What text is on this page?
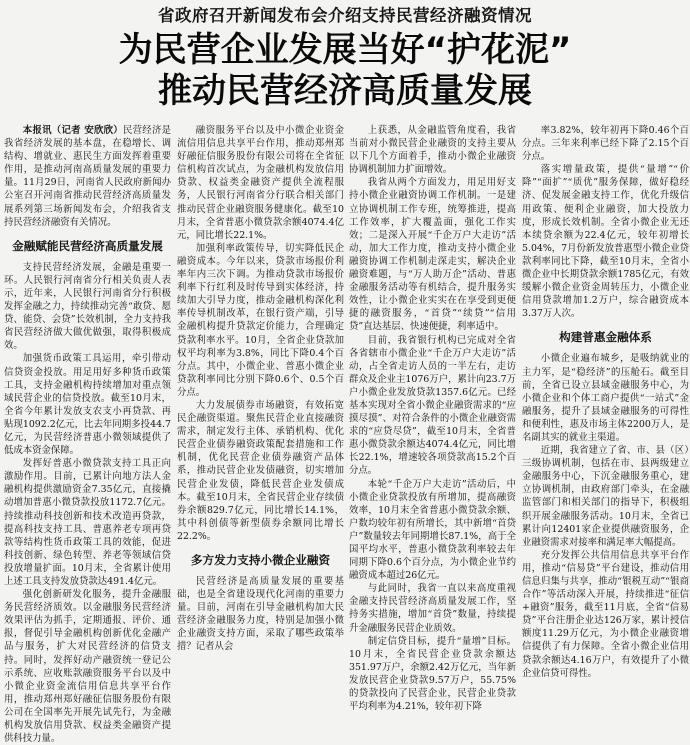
省政府召开新闻发布会介绍支持民营经济融资情况
为民营企业发展当好“护花泥”
推动民营经济高质量发展

本报讯（记者 安欣欣）民营经济是我省经济发展的基本盘，在稳增长、调结构、增就业、惠民生方面发挥着重要作用，是推动河南高质量发展的重要力量。11月29日，河南省人民政府新闻办公室召开河南省推动民营经济高质量发展系列第三场新闻发布会，介绍我省支持民营经济融资有关情况。

金融赋能民营经济高质量发展

支持民营经济发展，金融是重要一环。人民银行河南省分行相关负责人表示，近年来，人民银行河南省分行积极发挥金融之力，持续推动完善“敢贷、愿贷、能贷、会贷”长效机制，全力支持我省民营经济做大做优做强，取得积极成效。

加强货币政策工具运用，牵引带动信贷资金投放。用足用好多种货币政策工具，支持金融机构持续增加对重点领域民营企业的信贷投放。截至10月末，全省今年累计发放支农支小再贷款、再贴现1092.2亿元，比去年同期多投44.7亿元，为民营经济普惠小微领域提供了低成本资金保障。

发挥好普惠小微贷款支持工具正向激励作用。目前，已累计向地方法人金融机构提供激励资金7.35亿元，直接撬动增加普惠小微贷款投放1172.7亿元。持续推动科技创新和技术改造再贷款，提高科技支持工具、普惠养老专项再贷款等结构性货币政策工具的效能，促进科技创新、绿色转型、养老等领域信贷投放增量扩面。10月末，全省累计使用上述工具支持发放贷款达491.4亿元。

强化创新研发化服务，提升金融服务民营经济质效。以金融服务民营经济效果评估为抓手，定期通报、评价、通报，督促引导金融机构创新优化金融产品与服务，扩大对民营经济的信贷支持。同时，发挥好动产融资统一登记公示系统、应收账款融资服务平台以及中小微企业资金流信用信息共享平台作用，推动郑州郑好融征信服务股份有限公司在全国率先开展先试先行，为金融机构发放信用贷款、权益类金融资产提供科技力量。

融资服务平台以及中小微企业资金流信用信息共享平台作用，推动郑州郑好融征信服务股份有限公司将在全省征信机构首次试点，为金融机构发放信用贷款、权益类金融资产提供全流程服务，人民银行河南省分行联合相关部门推动民营企业融资服务健康化。截至10月末，全省普惠小微贷款余额4074.4亿元，同比增长22.1%。

加强利率政策传导，切实降低民企融资成本。今年以来，贷款市场报价利率年内三次下调。为推动贷款市场报价利率下行红利及时传导到实体经济，持续加大引导力度，推动金融机构深化利率传导机制改革，在银行资产端，引导金融机构提升贷款定价能力，合理确定贷款利率水平。10月，全省企业贷款加权平均利率为3.8%，同比下降0.4个百分点。其中，小微企业、普惠小微企业贷款利率同比分别下降0.6个、0.5个百分点。

大力发展债券市场融资，有效拓宽民企融资渠道。聚焦民营企业直接融资需求，制定发行主体、承销机构、优化民营企业债券融资政策配套措施和工作机制，优化民营企业债券融资产品体系，推动民营企业发债融资，切实增加民营企业发债，降低民营企业发债成本。截至10月末，全省民营企业存续债券余额829.7亿元，同比增长14.1%，其中科创债等新型债券余额同比增长22.2%。

多方发力支持小微企业融资

民营经济是高质量发展的重要基础，也是全省建设现代化河南的重要力量。目前，河南在引导金融机构加大民营经济金融服务力度，特别是加强小微企业融资支持方面，采取了哪些政策举措？记者从会

上获悉，从金融监管角度看，我省当前对小微民营企业融资的支持主要从以下几个方面着手，推动小微企业融资协调机制加力扩面增效。

我省从两个方面发力，用足用好支持小微企业融资协调工作机制。一是建立协调机制工作专班，统筹推进，提高工作效率，扩大覆盖面，强化工作实效；二是深入开展“千企万户大走访”活动，加大工作力度，推动支持小微企业融资协调工作机制走深走实，解决企业融资难题，与“万人助万企”活动、普惠金融服务活动等有机结合，提升服务实效性，让小微企业实实在在享受到更便捷的融资服务，“首贷”“续贷”“信用贷”直达基层、快速便捷，利率适中。

目前，我省银行机构已完成对全省各省辖市小微企业“千企万户大走访”活动，占全省走访人员的一半左右，走访群众及企业主1076万户，累计向23.7万户小微企业发放贷款1357.6亿元。已经基本实现对全省小微企业融资需求的“应摸尽摸”、对符合条件的小微企业融资需求的“应贷尽贷”，截至10月末，全省普惠小微贷款余额达4074.4亿元，同比增长22.1%，增速较各项贷款高15.2个百分点。

本轮“千企万户大走访”活动后，中小微企业贷款投放有所增加，提高融资效率，10月末全省普惠小微贷款余额、户数均较年初有所增长，其中新增“首贷户”数量较去年同期增长87.1%，高于全国平均水平，普惠小微贷款利率较去年同期下降0.6个百分点，为小微企业节约融资成本超过26亿元。

与此同时，我省一直以来高度重视金融支持民营经济高质量发展工作，坚持务实措施，增加“首贷”数量，持续提升金融服务民营企业质效。

制定信贷目标，提升“量增”目标。10月末，全省民营企业贷款余额达351.97万户，余额2.42万亿元，当年新发放民营企业贷款9.57万户，55.75%的贷款投向了民营企业，民营企业贷款平均利率为4.21%，较年初下降

率3.82%，较年初再下降0.46个百分点。三年来利率已经下降了2.15个百分点。

落实增量政策，提供“量增”“价降”“面扩”“质优”服务保障，做好稳经济、促发展金融支持工作，优化升级信用政策、便利企业融资，加大投放力度，形成长效机制。全省小微企业无还本续贷余额为22.4亿元，较年初增长5.04%，7月份新发放普惠型小微企业贷款利率同比下降，截至10月末，全省小微企业中长期贷款余额1785亿元，有效缓解小微企业资金周转压力，小微企业信用贷款增加1.2万户，综合融资成本3.37万人次。

构建普惠金融体系

小微企业遍布城乡，是吸纳就业的主力军，是“稳经济”的压舱石。截至目前，全省已设立县域金融服务中心，为小微企业和个体工商户提供“一站式”金融服务，提升了县域金融服务的可得性和便利性，惠及市场主体2200万人，是名副其实的就业主渠道。

近期，我省建立了省、市、县（区）三级协调机制，包括在市、县两级建立金融服务中心，下沉金融服务重心，建立协调机制，由政府部门牵头，在金融监管部门和相关部门的指导下，积极组织开展金融服务活动。10月末，全省已累计向12401家企业提供融资服务，企业融资需求对接率和满足率大幅提高。

充分发挥公共信用信息共享平台作用，推动“信易贷”平台建设，推动信用信息归集与共享，推动“银税互动”“银商合作”等活动深入开展，持续推进“征信+融资”服务，截至11月底，全省“信易贷”平台注册企业达126万家，累计授信额度11.29万亿元，为小微企业融资增信提供了有力保障。全省小微企业信用贷款余额达4.16万户，有效提升了小微企业信贷可得性。
